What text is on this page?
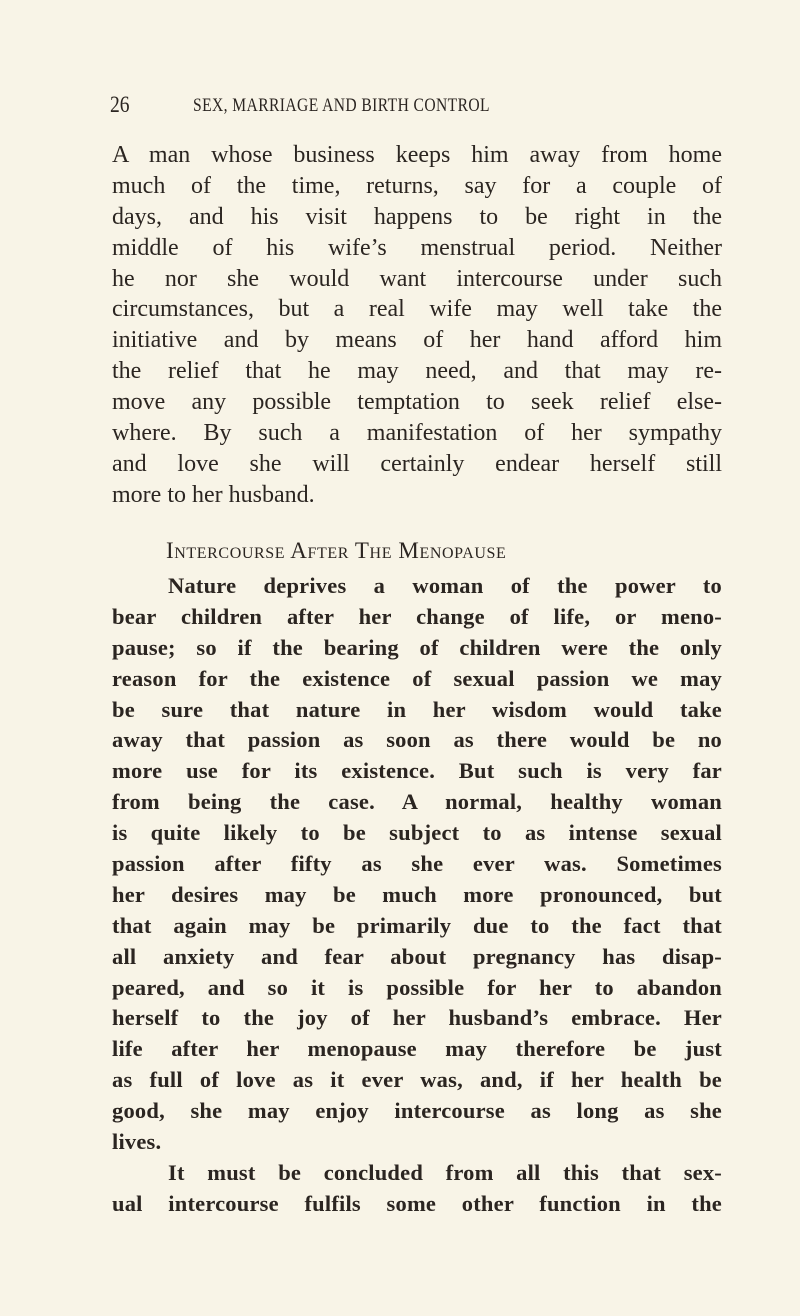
26	SEX, MARRIAGE AND BIRTH CONTROL
A man whose business keeps him away from home
much of the time, returns, say for a couple of
days, and his visit happens to be right in the
middle of his wife’s menstrual period. Neither
he nor she would want intercourse under such
circumstances, but a real wife may well take the
initiative and by means of her hand afford him
the relief that he may need, and that may re-
move any possible temptation to seek relief else-
where. By such a manifestation of her sympathy
and love she will certainly endear herself still
more to her husband.
Intercourse After The Menopause
Nature deprives a woman of the power to
bear children after her change of life, or meno-
pause; so if the bearing of children were the only
reason for the existence of sexual passion we may
be sure that nature in her wisdom would take
away that passion as soon as there would be no
more use for its existence. But such is very far
from being the case. A normal, healthy woman
is quite likely to be subject to as intense sexual
passion after fifty as she ever was. Sometimes
her desires may be much more pronounced, but
that again may be primarily due to the fact that
all anxiety and fear about pregnancy has disap-
peared, and so it is possible for her to abandon
herself to the joy of her husband’s embrace. Her
life after her menopause may therefore be just
as full of love as it ever was, and, if her health be
good, she may enjoy intercourse as long as she
lives.
It must be concluded from all this that sex-
ual intercourse fulfils some other function in the
